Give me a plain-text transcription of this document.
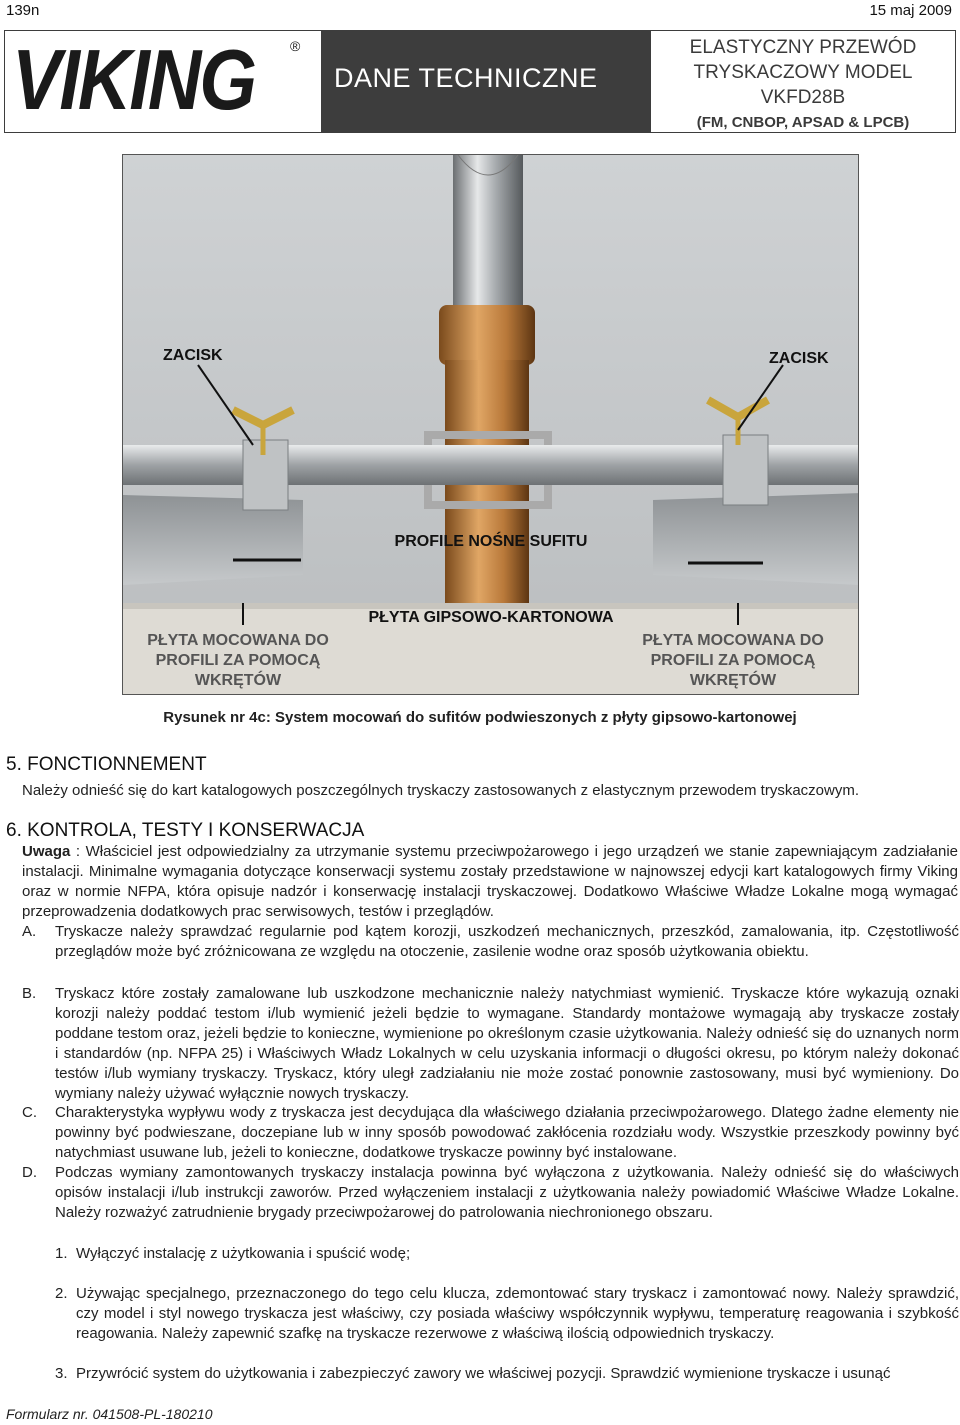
139n	15 maj 2009
VIKING	®
DANE TECHNICZNE
ELASTYCZNY PRZEWÓD
TRYSKACZOWY MODEL
VKFD28B
(FM, CNBOP, APSAD & LPCB)
ZACISK	ZACISK
PROFILE NOŚNE SUFITU
PŁYTA GIPSOWO-KARTONOWA
PŁYTA MOCOWANA DO
PROFILI ZA POMOCĄ
WKRĘTÓW
PŁYTA MOCOWANA DO
PROFILI ZA POMOCĄ
WKRĘTÓW
Rysunek nr 4c: System mocowań do sufitów podwieszonych z płyty gipsowo-kartonowej
5. FONCTIONNEMENT
Należy odnieść się do kart katalogowych poszczególnych tryskaczy zastosowanych z elastycznym przewodem tryskaczowym.
6. KONTROLA, TESTY I KONSERWACJA
Uwaga : Właściciel jest odpowiedzialny za utrzymanie systemu przeciwpożarowego i jego urządzeń we stanie zapewniającym zadziałanie instalacji. Minimalne wymagania dotyczące konserwacji systemu zostały przedstawione w najnowszej edycji kart katalogowych firmy Viking oraz w normie NFPA, która opisuje nadzór i konserwację instalacji tryskaczowej. Dodatkowo Właściwe Władze Lokalne mogą wymagać przeprowadzenia dodatkowych prac serwisowych, testów i przeglądów.
A. Tryskacze należy sprawdzać regularnie pod kątem korozji, uszkodzeń mechanicznych, przeszkód, zamalowania, itp. Częstotliwość przeglądów może być zróżnicowana ze względu na otoczenie, zasilenie wodne oraz sposób użytkowania obiektu.
B. Tryskacz które zostały zamalowane lub uszkodzone mechanicznie należy natychmiast wymienić. Tryskacze które wykazują oznaki korozji należy poddać testom i/lub wymienić jeżeli będzie to wymagane. Standardy montażowe wymagają aby tryskacze zostały poddane testom oraz, jeżeli będzie to konieczne, wymienione po określonym czasie użytkowania. Należy odnieść się do uznanych norm i standardów (np. NFPA 25) i Właściwych Władz Lokalnych w celu uzyskania informacji o długości okresu, po którym należy dokonać testów i/lub wymiany tryskaczy. Tryskacz, który uległ zadziałaniu nie może zostać ponownie zastosowany, musi być wymieniony. Do wymiany należy używać wyłącznie nowych tryskaczy.
C. Charakterystyka wypływu wody z tryskacza jest decydująca dla właściwego działania przeciwpożarowego. Dlatego żadne elementy nie powinny być podwieszane, doczepiane lub w inny sposób powodować zakłócenia rozdziału wody. Wszystkie przeszkody powinny być natychmiast usuwane lub, jeżeli to konieczne, dodatkowe tryskacze powinny być instalowane.
D. Podczas wymiany zamontowanych tryskaczy instalacja powinna być wyłączona z użytkowania. Należy odnieść się do właściwych opisów instalacji i/lub instrukcji zaworów. Przed wyłączeniem instalacji z użytkowania należy powiadomić Właściwe Władze Lokalne. Należy rozważyć zatrudnienie brygady przeciwpożarowej do patrolowania niechronionego obszaru.
1. Wyłączyć instalację z użytkowania i spuścić wodę;
2. Używając specjalnego, przeznaczonego do tego celu klucza, zdemontować stary tryskacz i zamontować nowy. Należy sprawdzić, czy model i styl nowego tryskacza jest właściwy, czy posiada właściwy współczynnik wypływu, temperaturę reagowania i szybkość reagowania. Należy zapewnić szafkę na tryskacze rezerwowe z właściwą ilością odpowiednich tryskaczy.
3. Przywrócić system do użytkowania i zabezpieczyć zawory we właściwej pozycji. Sprawdzić wymienione tryskacze i usunąć
Formularz nr. 041508-PL-180210
